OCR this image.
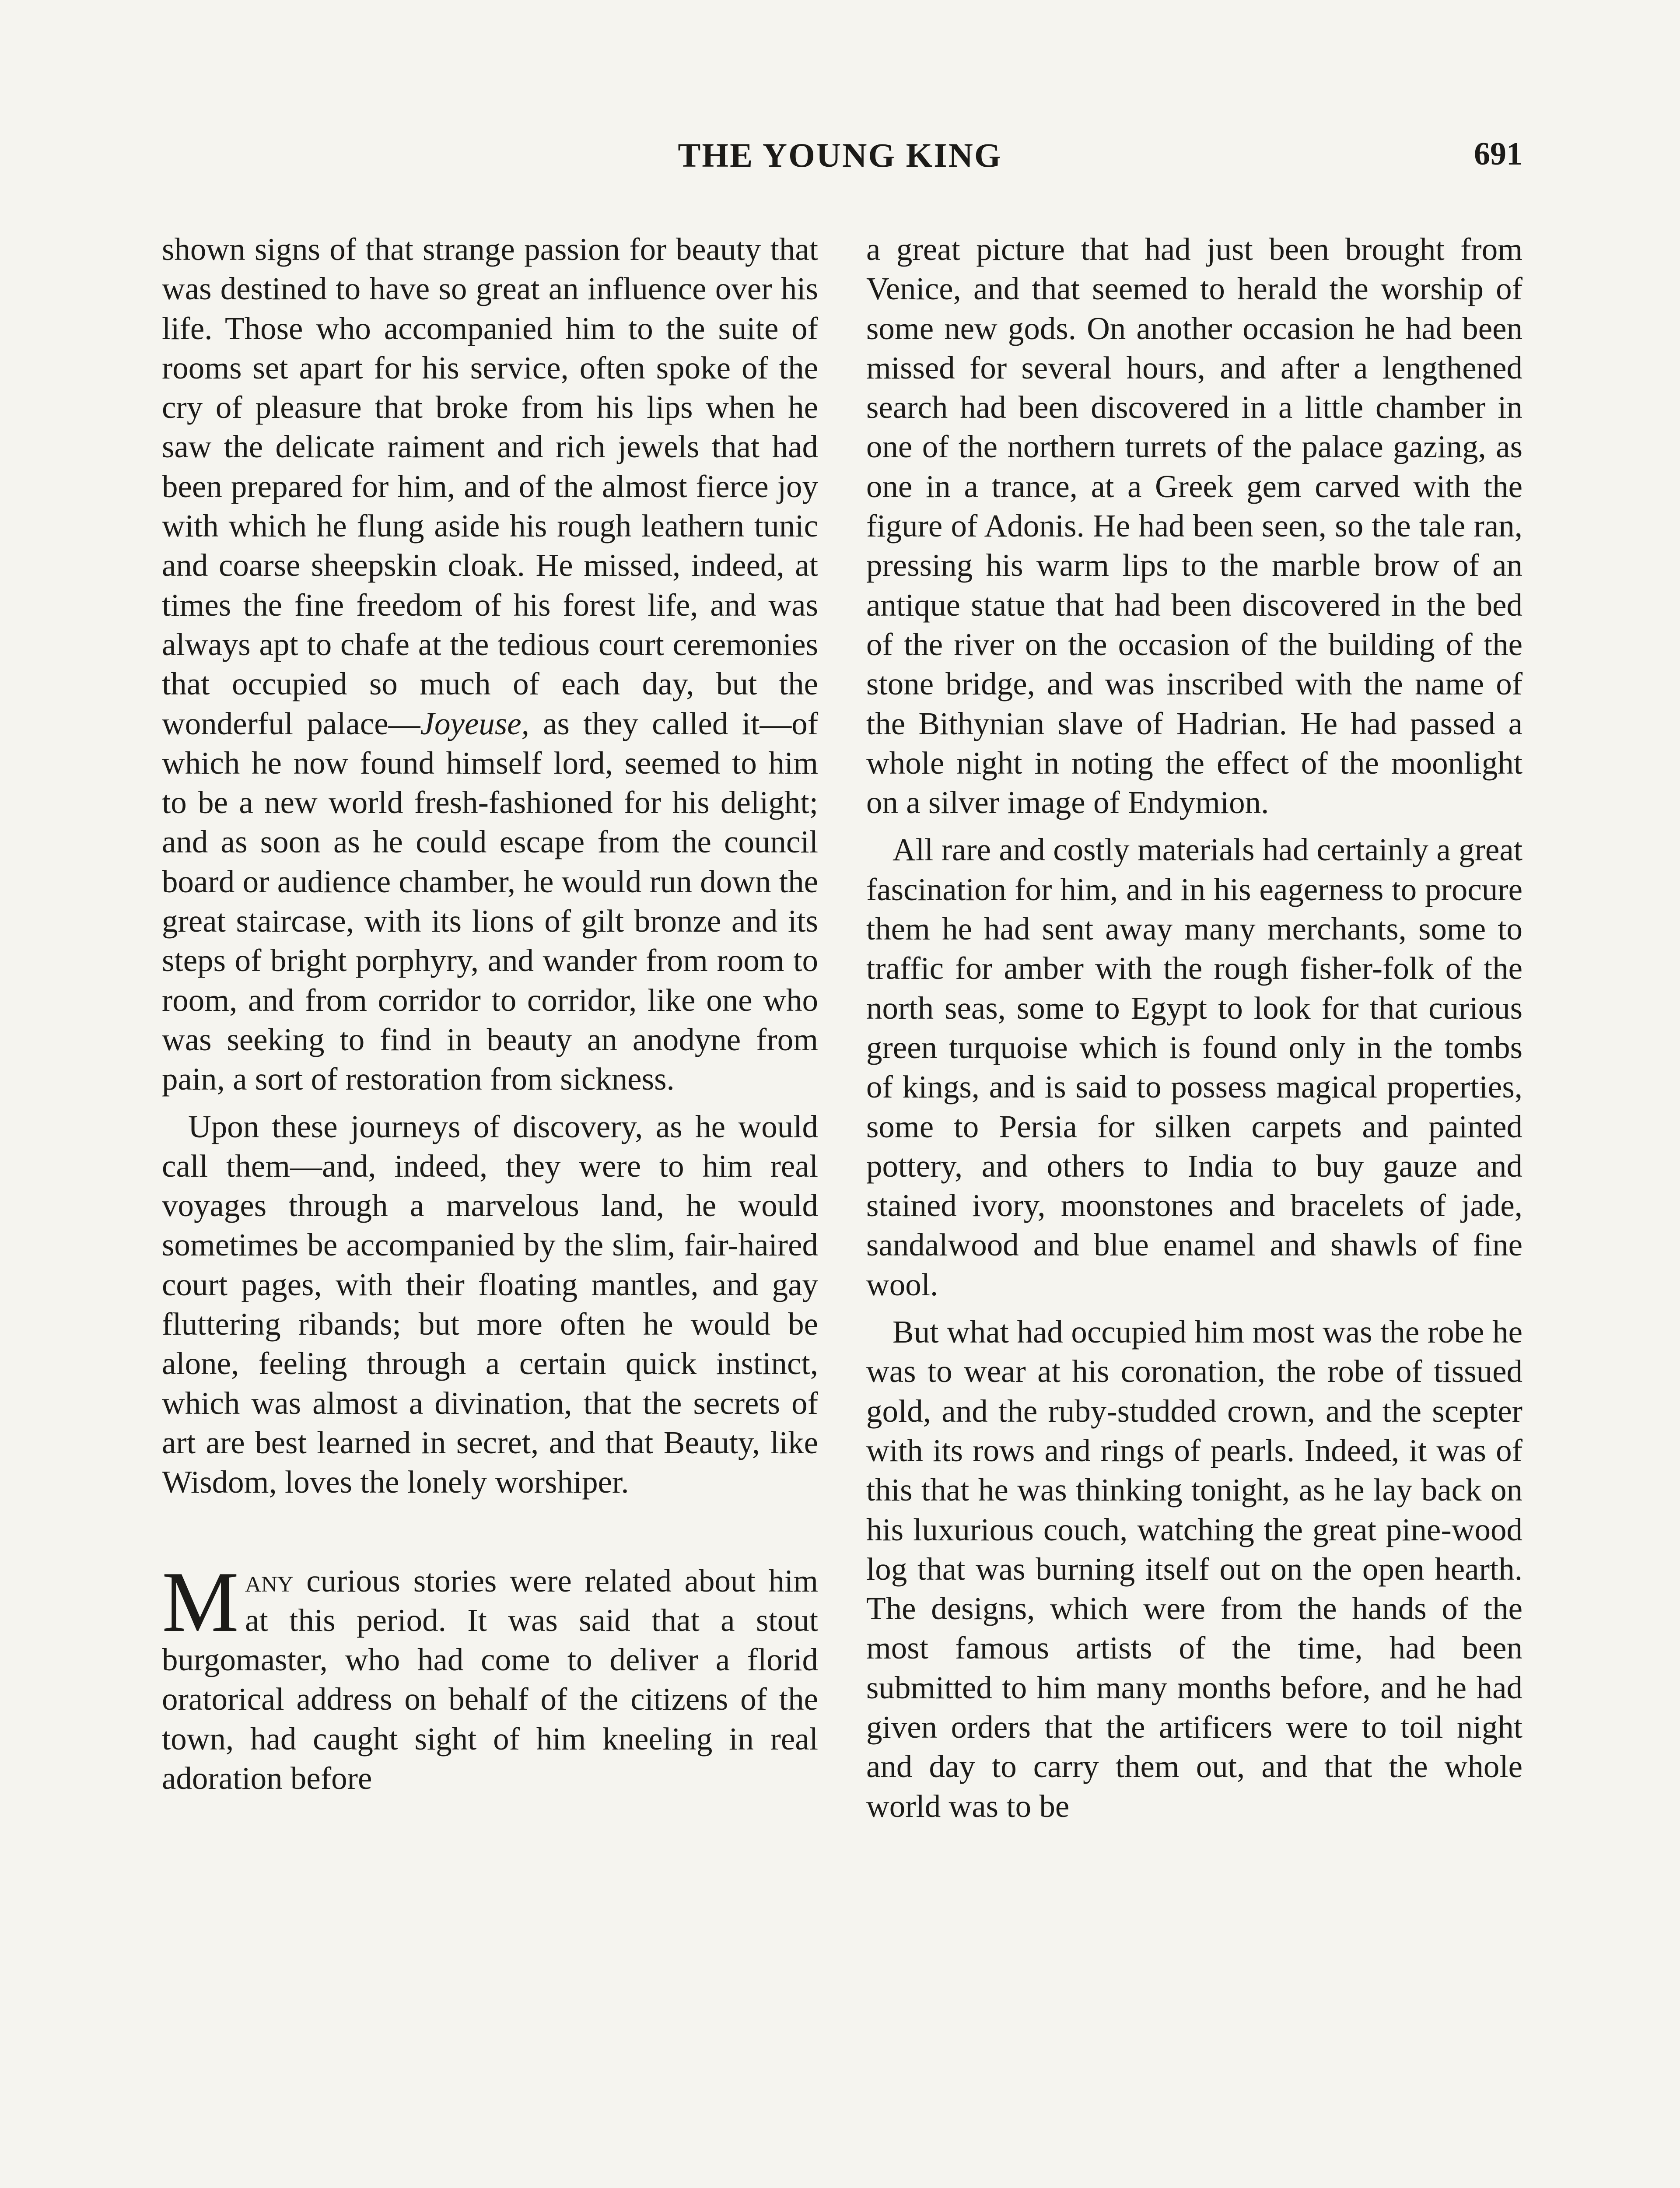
THE YOUNG KING	691

shown signs of that strange passion for beauty that was destined to have so great an influence over his life. Those who accompanied him to the suite of rooms set apart for his service, often spoke of the cry of pleasure that broke from his lips when he saw the delicate raiment and rich jewels that had been prepared for him, and of the almost fierce joy with which he flung aside his rough leathern tunic and coarse sheepskin cloak. He missed, indeed, at times the fine freedom of his forest life, and was always apt to chafe at the tedious court ceremonies that occupied so much of each day, but the wonderful palace—Joyeuse, as they called it—of which he now found himself lord, seemed to him to be a new world fresh-fashioned for his delight; and as soon as he could escape from the council board or audience chamber, he would run down the great staircase, with its lions of gilt bronze and its steps of bright porphyry, and wander from room to room, and from corridor to corridor, like one who was seeking to find in beauty an anodyne from pain, a sort of restoration from sickness.

Upon these journeys of discovery, as he would call them—and, indeed, they were to him real voyages through a marvelous land, he would sometimes be accompanied by the slim, fair-haired court pages, with their floating mantles, and gay fluttering ribands; but more often he would be alone, feeling through a certain quick instinct, which was almost a divination, that the secrets of art are best learned in secret, and that Beauty, like Wisdom, loves the lonely worshiper.

Many curious stories were related about him at this period. It was said that a stout burgomaster, who had come to deliver a florid oratorical address on behalf of the citizens of the town, had caught sight of him kneeling in real adoration before

a great picture that had just been brought from Venice, and that seemed to herald the worship of some new gods. On another occasion he had been missed for several hours, and after a lengthened search had been discovered in a little chamber in one of the northern turrets of the palace gazing, as one in a trance, at a Greek gem carved with the figure of Adonis. He had been seen, so the tale ran, pressing his warm lips to the marble brow of an antique statue that had been discovered in the bed of the river on the occasion of the building of the stone bridge, and was inscribed with the name of the Bithynian slave of Hadrian. He had passed a whole night in noting the effect of the moonlight on a silver image of Endymion.

All rare and costly materials had certainly a great fascination for him, and in his eagerness to procure them he had sent away many merchants, some to traffic for amber with the rough fisher-folk of the north seas, some to Egypt to look for that curious green turquoise which is found only in the tombs of kings, and is said to possess magical properties, some to Persia for silken carpets and painted pottery, and others to India to buy gauze and stained ivory, moonstones and bracelets of jade, sandalwood and blue enamel and shawls of fine wool.

But what had occupied him most was the robe he was to wear at his coronation, the robe of tissued gold, and the ruby-studded crown, and the scepter with its rows and rings of pearls. Indeed, it was of this that he was thinking tonight, as he lay back on his luxurious couch, watching the great pine-wood log that was burning itself out on the open hearth. The designs, which were from the hands of the most famous artists of the time, had been submitted to him many months before, and he had given orders that the artificers were to toil night and day to carry them out, and that the whole world was to be
